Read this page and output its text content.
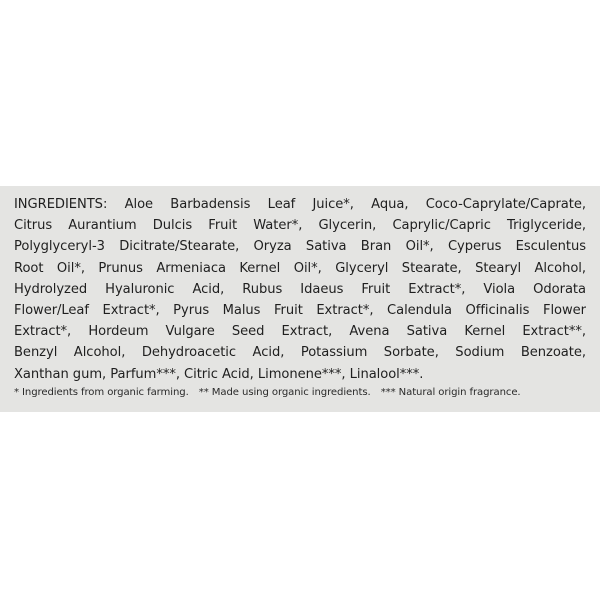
INGREDIENTS: Aloe Barbadensis Leaf Juice*, Aqua, Coco-Caprylate/Caprate,
Citrus Aurantium Dulcis Fruit Water*, Glycerin, Caprylic/Capric Triglyceride,
Polyglyceryl-3 Dicitrate/Stearate, Oryza Sativa Bran Oil*, Cyperus Esculentus
Root Oil*, Prunus Armeniaca Kernel Oil*, Glyceryl Stearate, Stearyl Alcohol,
Hydrolyzed Hyaluronic Acid, Rubus Idaeus Fruit Extract*, Viola Odorata
Flower/Leaf Extract*, Pyrus Malus Fruit Extract*, Calendula Officinalis Flower
Extract*, Hordeum Vulgare Seed Extract, Avena Sativa Kernel Extract**,
Benzyl Alcohol, Dehydroacetic Acid, Potassium Sorbate, Sodium Benzoate,
Xanthan gum, Parfum***, Citric Acid, Limonene***, Linalool***.

* Ingredients from organic farming. ** Made using organic ingredients. *** Natural origin fragrance.
